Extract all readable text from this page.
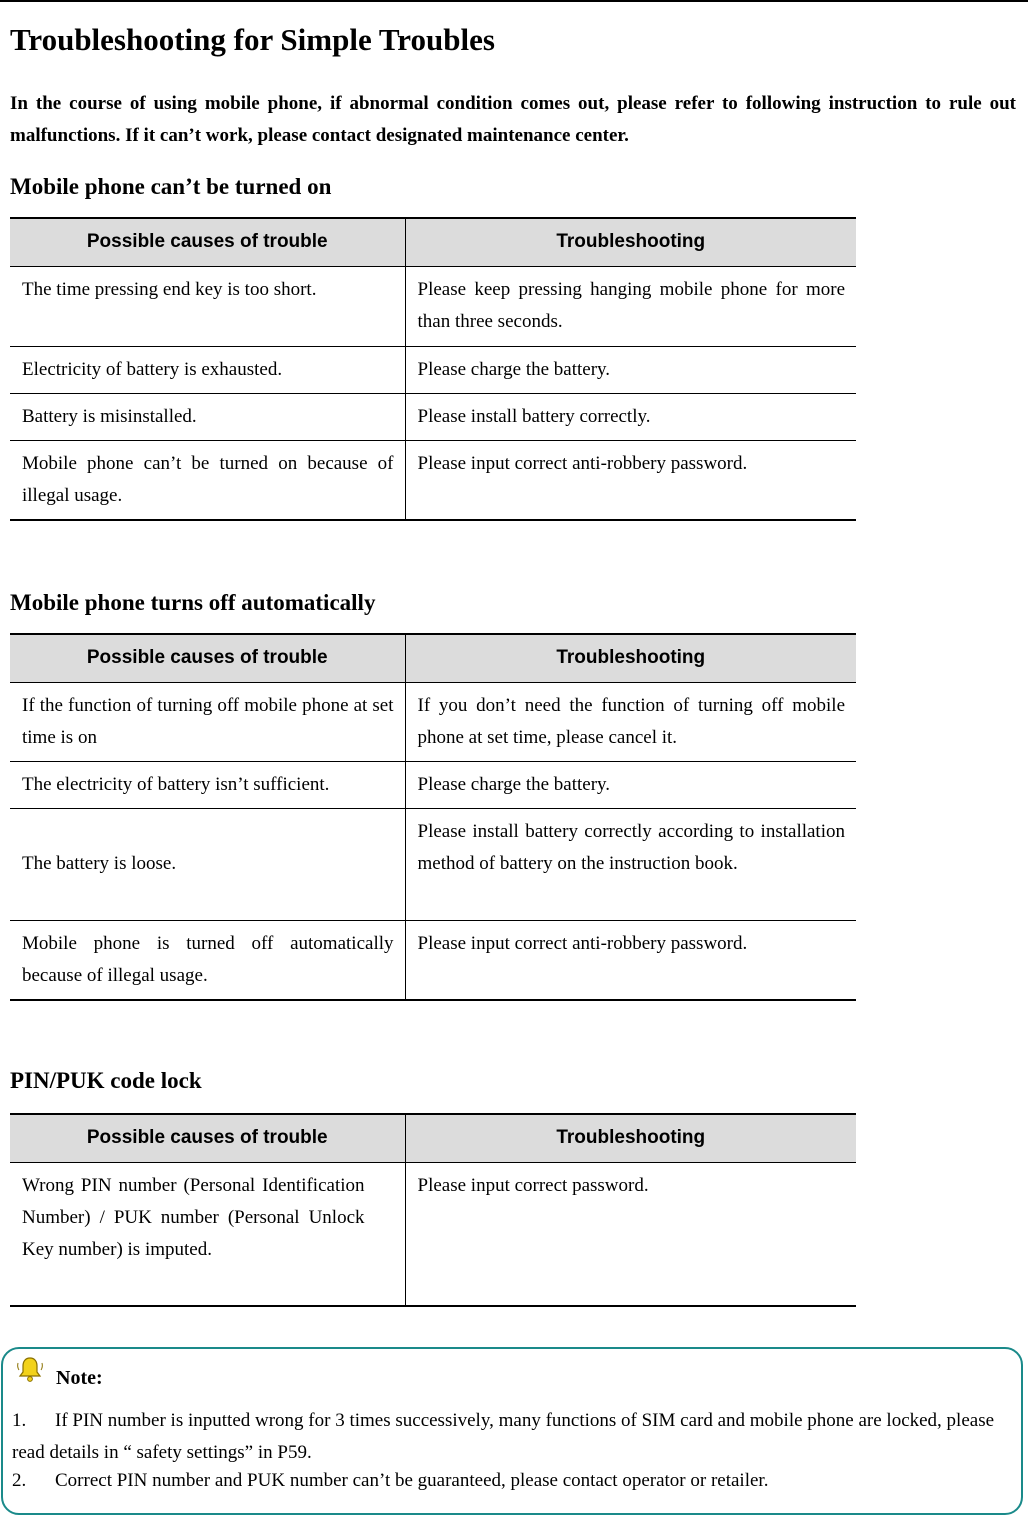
Troubleshooting for Simple Troubles

In the course of using mobile phone, if abnormal condition comes out, please refer to following instruction to rule out malfunctions. If it can’t work, please contact designated maintenance center.

Mobile phone can’t be turned on
Possible causes of trouble	Troubleshooting
The time pressing end key is too short.	Please keep pressing hanging mobile phone for more than three seconds.
Electricity of battery is exhausted.	Please charge the battery.
Battery is misinstalled.	Please install battery correctly.
Mobile phone can’t be turned on because of illegal usage.	Please input correct anti-robbery password.
Mobile phone turns off automatically
Possible causes of trouble	Troubleshooting
If the function of turning off mobile phone at set time is on	If you don’t need the function of turning off mobile phone at set time, please cancel it.
The electricity of battery isn’t sufficient.	Please charge the battery.
The battery is loose.	Please install battery correctly according to installation method of battery on the instruction book.
Mobile phone is turned off automatically because of illegal usage.	Please input correct anti-robbery password.
PIN/PUK code lock
Possible causes of trouble	Troubleshooting
Wrong PIN number (Personal Identification Number) / PUK number (Personal Unlock Key number) is imputed.	Please input correct password.

Note:

1. If PIN number is inputted wrong for 3 times successively, many functions of SIM card and mobile phone are locked, please read details in “ safety settings” in P59.

2. Correct PIN number and PUK number can’t be guaranteed, please contact operator or retailer.
